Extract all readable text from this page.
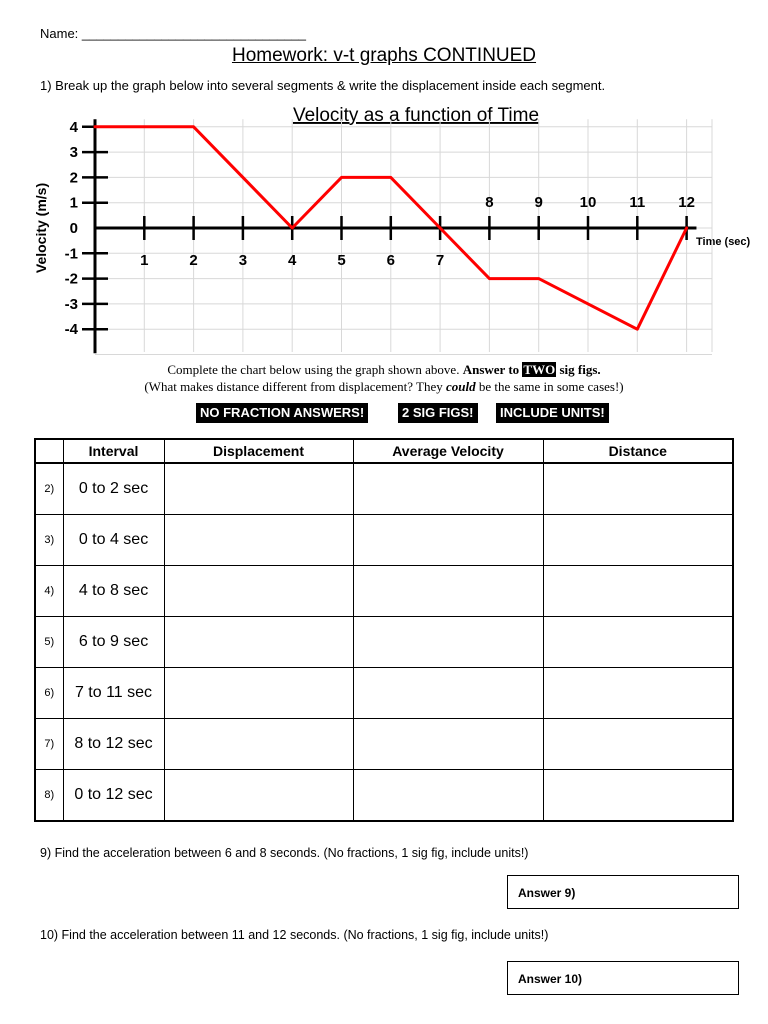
Name: _______________________________
Homework: v-t graphs CONTINUED
1) Break up the graph below into several segments & write the displacement inside each segment.
Velocity as a function of Time
Velocity (m/s)	Time (sec)
1	2	3	4	5	6	7
8	9 10 11 12
4
3
2
1
0
-1
-2
-3
-4
Complete the chart below using the graph shown above. Answer to TWO sig figs.
(What makes distance different from displacement? They could be the same in some cases!)
NO FRACTION ANSWERS!	2 SIG FIGS!	INCLUDE UNITS!
	Interval	Displacement	Average Velocity	Distance
2)	0 to 2 sec			
3)	0 to 4 sec			
4)	4 to 8 sec			
5)	6 to 9 sec			
6)	7 to 11 sec			
7)	8 to 12 sec			
8)	0 to 12 sec			
9) Find the acceleration between 6 and 8 seconds. (No fractions, 1 sig fig, include units!)
Answer 9)
10) Find the acceleration between 11 and 12 seconds. (No fractions, 1 sig fig, include units!)
Answer 10)
